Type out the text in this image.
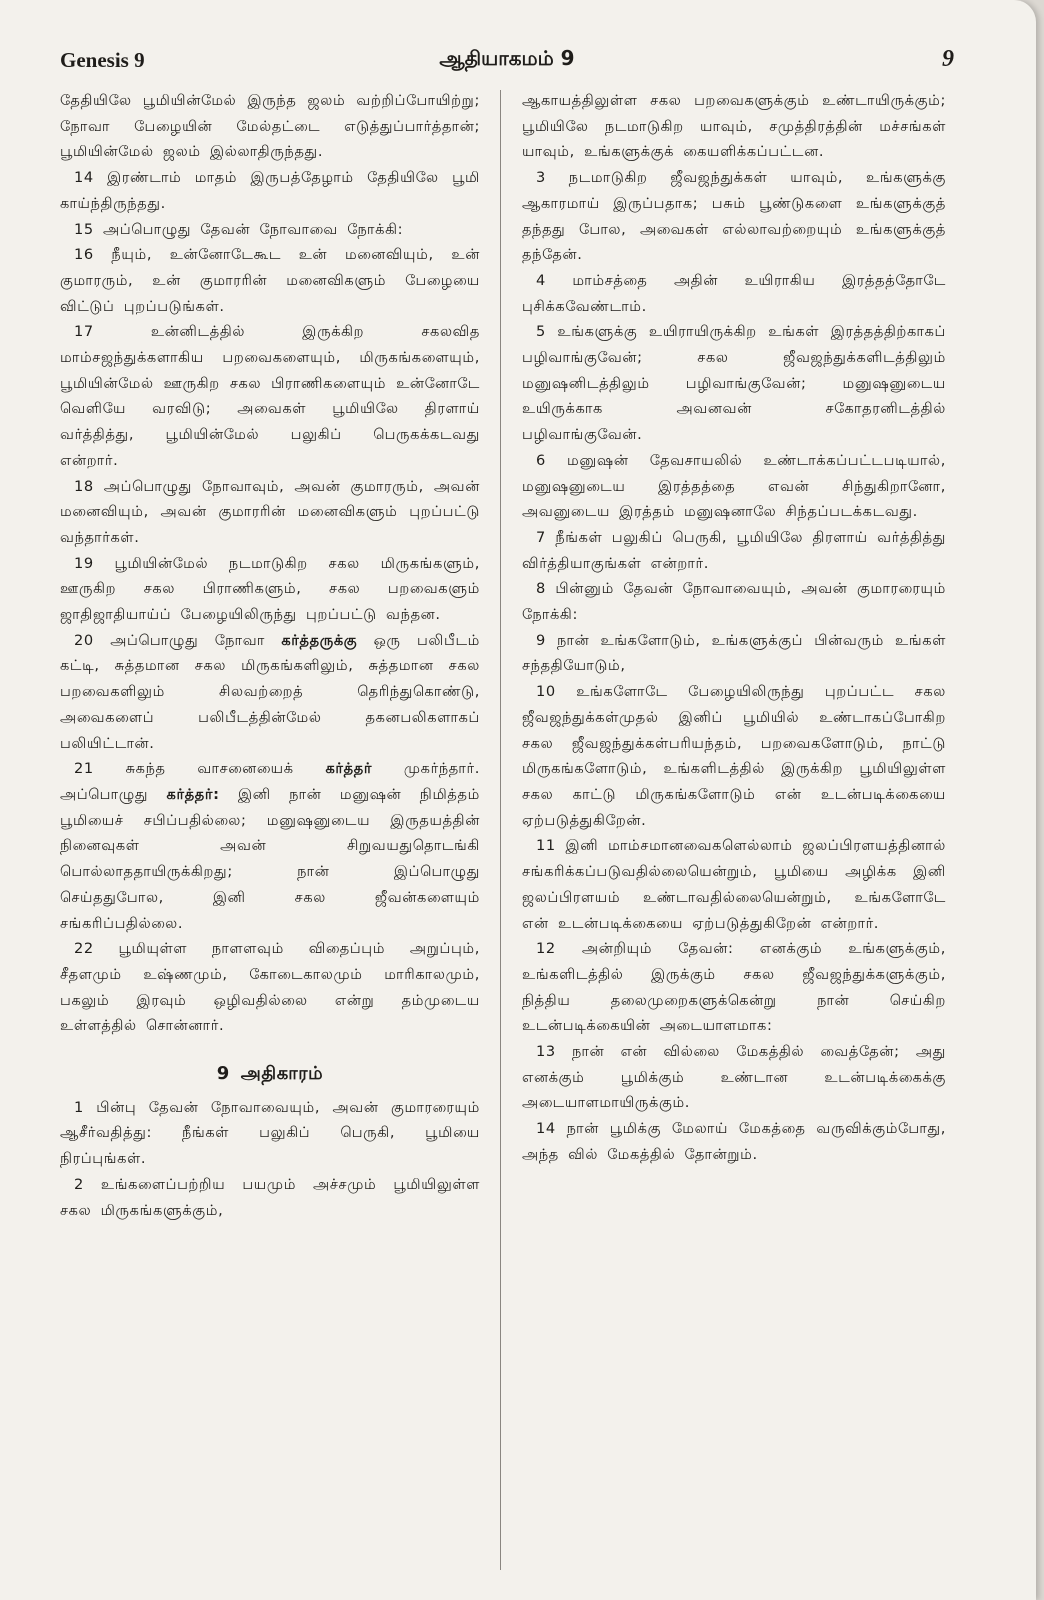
Genesis 9	ஆதியாகமம் 9	9

தேதியிலே பூமியின்மேல் இருந்த ஜலம் வற்றிப்போயிற்று; நோவா பேழையின் மேல்தட்டை எடுத்துப்பார்த்தான்; பூமியின்மேல் ஜலம் இல்லாதிருந்தது.

14 இரண்டாம் மாதம் இருபத்தேழாம் தேதியிலே பூமி காய்ந்திருந்தது.

15 அப்பொழுது தேவன் நோவாவை நோக்கி:

16 நீயும், உன்னோடேகூட உன் மனைவியும், உன் குமாரரும், உன் குமாரரின் மனைவிகளும் பேழையை விட்டுப் புறப்படுங்கள்.

17 உன்னிடத்தில் இருக்கிற சகலவித மாம்சஜந்துக்களாகிய பறவைகளையும், மிருகங்களையும், பூமியின்மேல் ஊருகிற சகல பிராணிகளையும் உன்னோடே வெளியே வரவிடு; அவைகள் பூமியிலே திரளாய் வர்த்தித்து, பூமியின்மேல் பலுகிப் பெருகக்கடவது என்றார்.

18 அப்பொழுது நோவாவும், அவன் குமாரரும், அவன் மனைவியும், அவன் குமாரரின் மனைவிகளும் புறப்பட்டு வந்தார்கள்.

19 பூமியின்மேல் நடமாடுகிற சகல மிருகங்களும், ஊருகிற சகல பிராணிகளும், சகல பறவைகளும் ஜாதிஜாதியாய்ப் பேழையிலிருந்து புறப்பட்டு வந்தன.

20 அப்பொழுது நோவா கர்த்தருக்கு ஒரு பலிபீடம் கட்டி, சுத்தமான சகல மிருகங்களிலும், சுத்தமான சகல பறவைகளிலும் சிலவற்றைத் தெரிந்துகொண்டு, அவைகளைப் பலிபீடத்தின்மேல் தகனபலிகளாகப் பலியிட்டான்.

21 சுகந்த வாசனையைக் கர்த்தர் முகர்ந்தார். அப்பொழுது கர்த்தர்: இனி நான் மனுஷன் நிமித்தம் பூமியைச் சபிப்பதில்லை; மனுஷனுடைய இருதயத்தின் நினைவுகள் அவன் சிறுவயதுதொடங்கி பொல்லாததாயிருக்கிறது; நான் இப்பொழுது செய்ததுபோல, இனி சகல ஜீவன்களையும் சங்கரிப்பதில்லை.

22 பூமியுள்ள நாளளவும் விதைப்பும் அறுப்பும், சீதளமும் உஷ்ணமும், கோடைகாலமும் மாரிகாலமும், பகலும் இரவும் ஒழிவதில்லை என்று தம்முடைய உள்ளத்தில் சொன்னார்.

9 அதிகாரம்

1 பின்பு தேவன் நோவாவையும், அவன் குமாரரையும் ஆசீர்வதித்து: நீங்கள் பலுகிப் பெருகி, பூமியை நிரப்புங்கள்.

2 உங்களைப்பற்றிய பயமும் அச்சமும் பூமியிலுள்ள சகல மிருகங்களுக்கும்,

ஆகாயத்திலுள்ள சகல பறவைகளுக்கும் உண்டாயிருக்கும்; பூமியிலே நடமாடுகிற யாவும், சமுத்திரத்தின் மச்சங்கள் யாவும், உங்களுக்குக் கையளிக்கப்பட்டன.

3 நடமாடுகிற ஜீவஜந்துக்கள் யாவும், உங்களுக்கு ஆகாரமாய் இருப்பதாக; பசும் பூண்டுகளை உங்களுக்குத் தந்தது போல, அவைகள் எல்லாவற்றையும் உங்களுக்குத் தந்தேன்.

4 மாம்சத்தை அதின் உயிராகிய இரத்தத்தோடே புசிக்கவேண்டாம்.

5 உங்களுக்கு உயிராயிருக்கிற உங்கள் இரத்தத்திற்காகப் பழிவாங்குவேன்; சகல ஜீவஜந்துக்களிடத்திலும் மனுஷனிடத்திலும் பழிவாங்குவேன்; மனுஷனுடைய உயிருக்காக அவனவன் சகோதரனிடத்தில் பழிவாங்குவேன்.

6 மனுஷன் தேவசாயலில் உண்டாக்கப்பட்டபடியால், மனுஷனுடைய இரத்தத்தை எவன் சிந்துகிறானோ, அவனுடைய இரத்தம் மனுஷனாலே சிந்தப்படக்கடவது.

7 நீங்கள் பலுகிப் பெருகி, பூமியிலே திரளாய் வர்த்தித்து விர்த்தியாகுங்கள் என்றார்.

8 பின்னும் தேவன் நோவாவையும், அவன் குமாரரையும் நோக்கி:

9 நான் உங்களோடும், உங்களுக்குப் பின்வரும் உங்கள் சந்ததியோடும்,

10 உங்களோடே பேழையிலிருந்து புறப்பட்ட சகல ஜீவஜந்துக்கள்முதல் இனிப் பூமியில் உண்டாகப்போகிற சகல ஜீவஜந்துக்கள்பரியந்தம், பறவைகளோடும், நாட்டு மிருகங்களோடும், உங்களிடத்தில் இருக்கிற பூமியிலுள்ள சகல காட்டு மிருகங்களோடும் என் உடன்படிக்கையை ஏற்படுத்துகிறேன்.

11 இனி மாம்சமானவைகளெல்லாம் ஜலப்பிரளயத்தினால் சங்கரிக்கப்படுவதில்லையென்றும், பூமியை அழிக்க இனி ஜலப்பிரளயம் உண்டாவதில்லையென்றும், உங்களோடே என் உடன்படிக்கையை ஏற்படுத்துகிறேன் என்றார்.

12 அன்றியும் தேவன்: எனக்கும் உங்களுக்கும், உங்களிடத்தில் இருக்கும் சகல ஜீவஜந்துக்களுக்கும், நித்திய தலைமுறைகளுக்கென்று நான் செய்கிற உடன்படிக்கையின் அடையாளமாக:

13 நான் என் வில்லை மேகத்தில் வைத்தேன்; அது எனக்கும் பூமிக்கும் உண்டான உடன்படிக்கைக்கு அடையாளமாயிருக்கும்.

14 நான் பூமிக்கு மேலாய் மேகத்தை வருவிக்கும்போது, அந்த வில் மேகத்தில் தோன்றும்.
